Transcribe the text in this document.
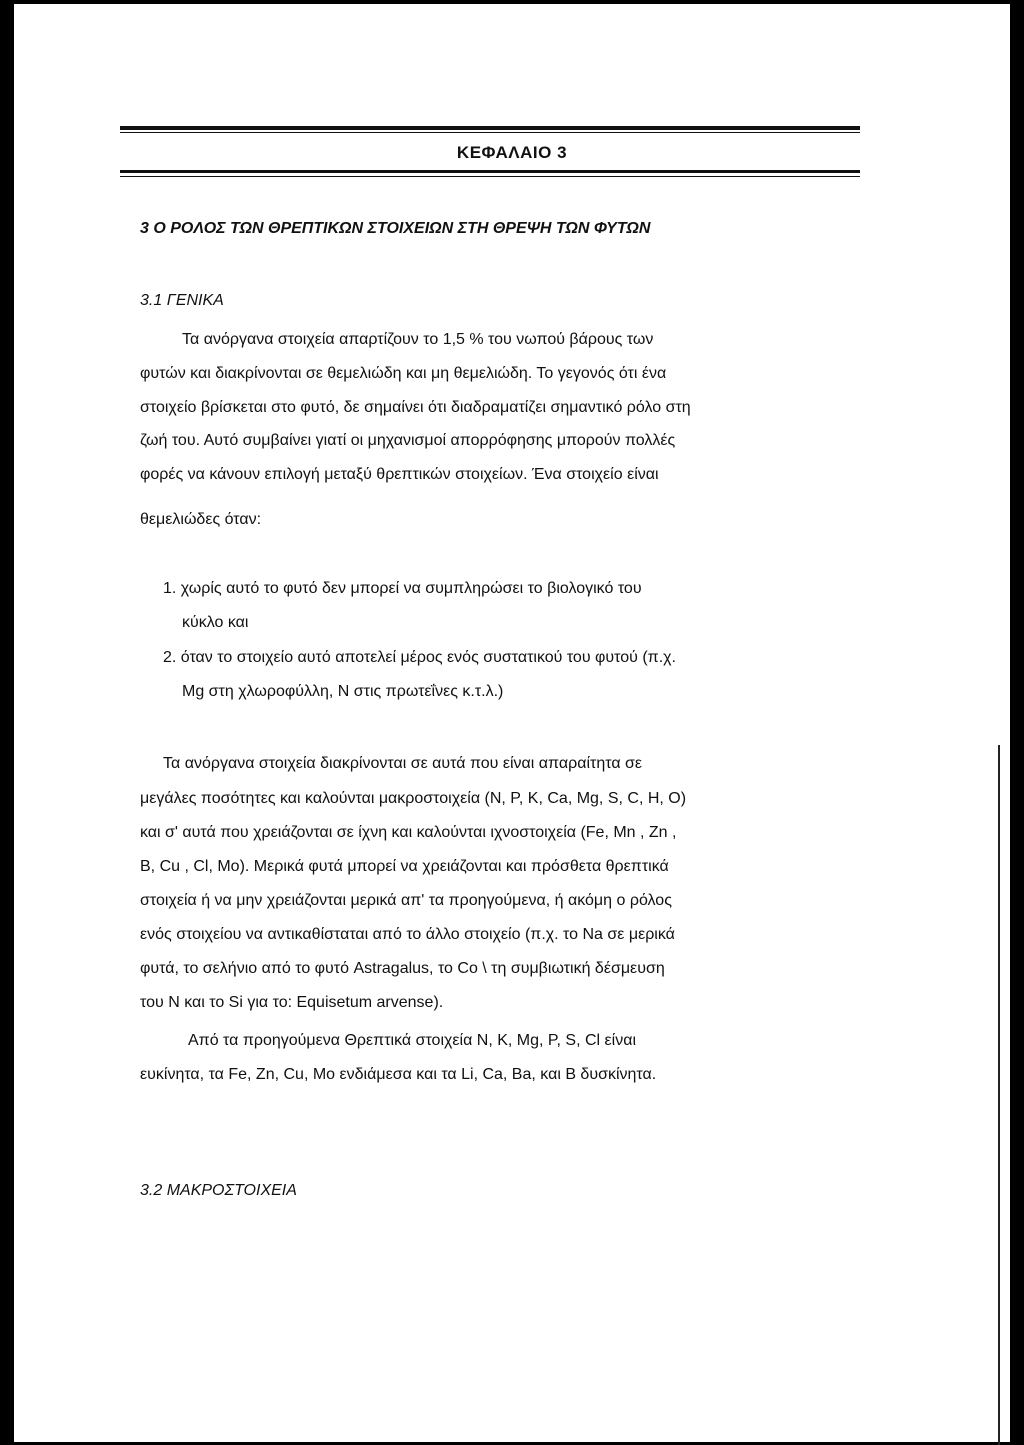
ΚΕΦΑΛΑΙΟ 3
3 Ο ΡΟΛΟΣ ΤΩΝ ΘΡΕΠΤΙΚΩΝ ΣΤΟΙΧΕΙΩΝ ΣΤΗ ΘΡΕΨΗ ΤΩΝ ΦΥΤΩΝ
3.1 ΓΕΝΙΚΑ
Τα ανόργανα στοιχεία απαρτίζουν το 1,5 % του νωπού βάρους των
φυτών και διακρίνονται σε θεμελιώδη και μη θεμελιώδη. Το γεγονός ότι ένα
στοιχείο βρίσκεται στο φυτό, δε σημαίνει ότι διαδραματίζει σημαντικό ρόλο στη
ζωή του. Αυτό συμβαίνει γιατί οι μηχανισμοί απορρόφησης μπορούν πολλές
φορές να κάνουν επιλογή μεταξύ θρεπτικών στοιχείων. Ένα στοιχείο είναι
θεμελιώδες όταν:
1. χωρίς αυτό το φυτό δεν μπορεί να συμπληρώσει το βιολογικό του
κύκλο και
2. όταν το στοιχείο αυτό αποτελεί μέρος ενός συστατικού του φυτού (π.χ.
Mg στη χλωροφύλλη, Ν στις πρωτεΐνες κ.τ.λ.)
Τα ανόργανα στοιχεία διακρίνονται σε αυτά που είναι απαραίτητα σε
μεγάλες ποσότητες και καλούνται μακροστοιχεία (Ν, Ρ, Κ, Ca, Mg, S, C, H, O)
και σ' αυτά που χρειάζονται σε ίχνη και καλούνται ιχνοστοιχεία (Fe, Mn , Zn ,
B, Cu , Cl, Mo). Μερικά φυτά μπορεί να χρειάζονται και πρόσθετα θρεπτικά
στοιχεία ή να μην χρειάζονται μερικά απ' τα προηγούμενα, ή ακόμη ο ρόλος
ενός στοιχείου να αντικαθίσταται από το άλλο στοιχείο (π.χ. το Na σε μερικά
φυτά, το σελήνιο από το φυτό Astragalus, το Co \ τη συμβιωτική δέσμευση
του Ν και το Si για το: Equisetum arvense).
Από τα προηγούμενα Θρεπτικά στοιχεία Ν, Κ, Mg, Ρ, S, Cl είναι
ευκίνητα, τα Fe, Zn, Cu, Mo ενδιάμεσα και τα Li, Ca, Ba, και Β δυσκίνητα.
3.2 ΜΑΚΡΟΣΤΟΙΧΕΙΑ
